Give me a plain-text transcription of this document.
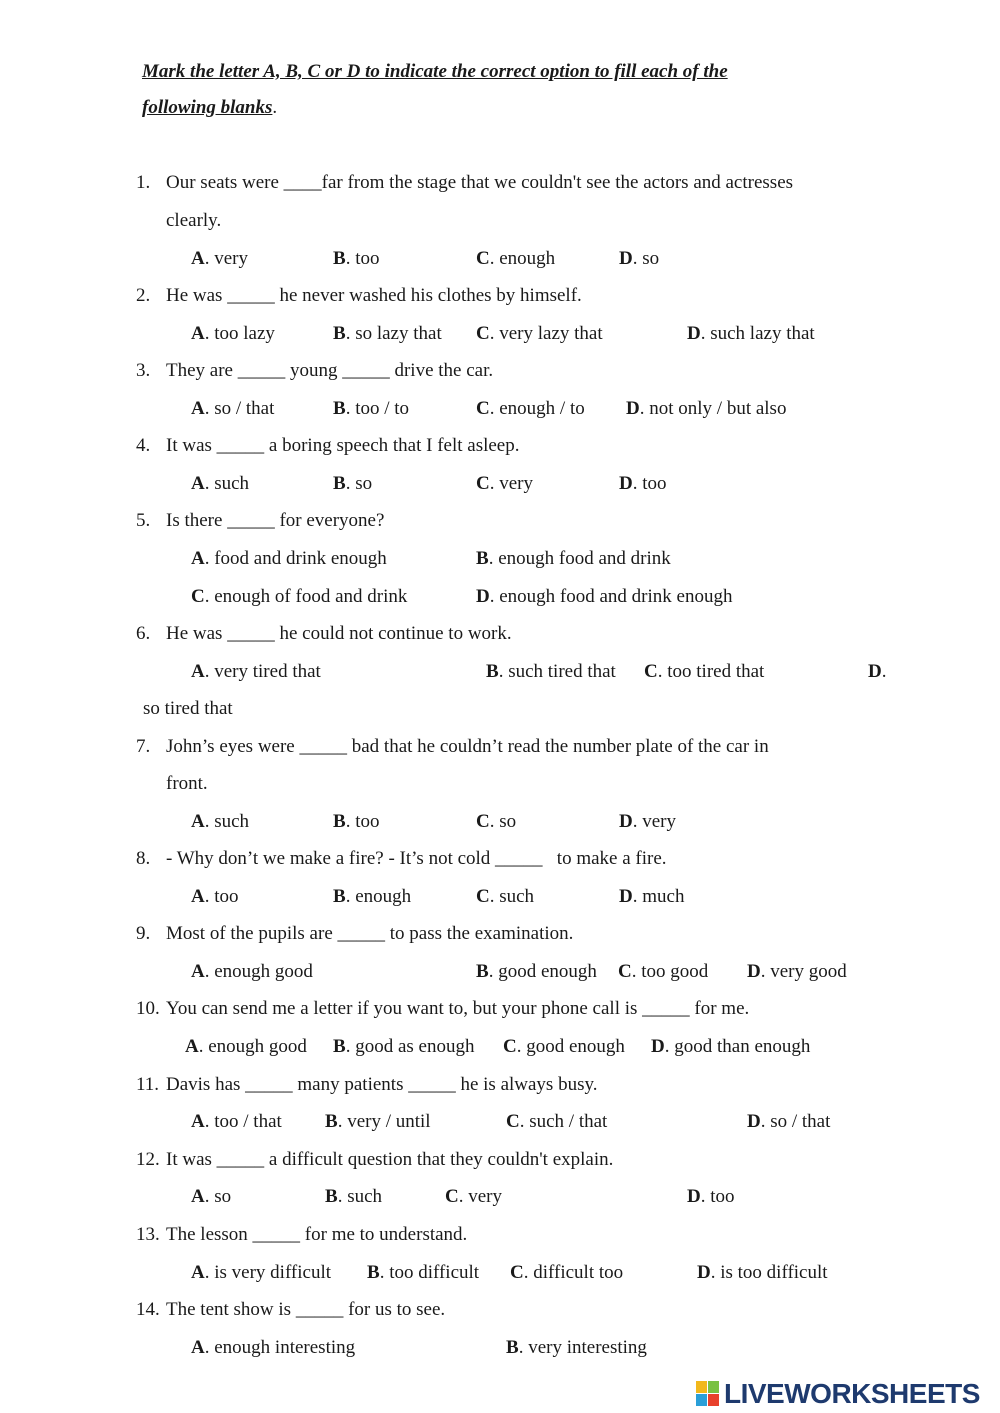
Mark the letter A, B, C or D to indicate the correct option to fill each of the
following blanks.
1. Our seats were ____far from the stage that we couldn't see the actors and actresses
clearly.
A. very	B. too	C. enough	D. so
2. He was _____ he never washed his clothes by himself.
A. too lazy	B. so lazy that C. very lazy that	D. such lazy that
3. They are _____ young _____ drive the car.
A. so / that	B. too / to	C. enough / to D. not only / but also
4. It was _____ a boring speech that I felt asleep.
A. such	B. so	C. very	D. too
5. Is there _____ for everyone?
A. food and drink enough	B. enough food and drink
C. enough of food and drink	D. enough food and drink enough
6. He was _____ he could not continue to work.
A. very tired that	B. such tired that C. too tired that	D.
so tired that
7. John’s eyes were _____ bad that he couldn’t read the number plate of the car in
front.
A. such	B. too	C. so	D. very
8. - Why don’t we make a fire? - It’s not cold _____   to make a fire.
A. too	B. enough	C. such	D. much
9. Most of the pupils are _____ to pass the examination.
A. enough good	B. good enough C. too good D. very good
10. You can send me a letter if you want to, but your phone call is _____ for me.
A. enough good B. good as enough C. good enough D. good than enough
11. Davis has _____ many patients _____ he is always busy.
A. too / that B. very / until	C. such / that	D. so / that
12. It was _____ a difficult question that they couldn't explain.
A. so	B. such	C. very	D. too
13. The lesson _____ for me to understand.
A. is very difficult B. too difficult C. difficult too	D. is too difficult
14. The tent show is _____ for us to see.
A. enough interesting	B. very interesting
LIVEWORKSHEETS
